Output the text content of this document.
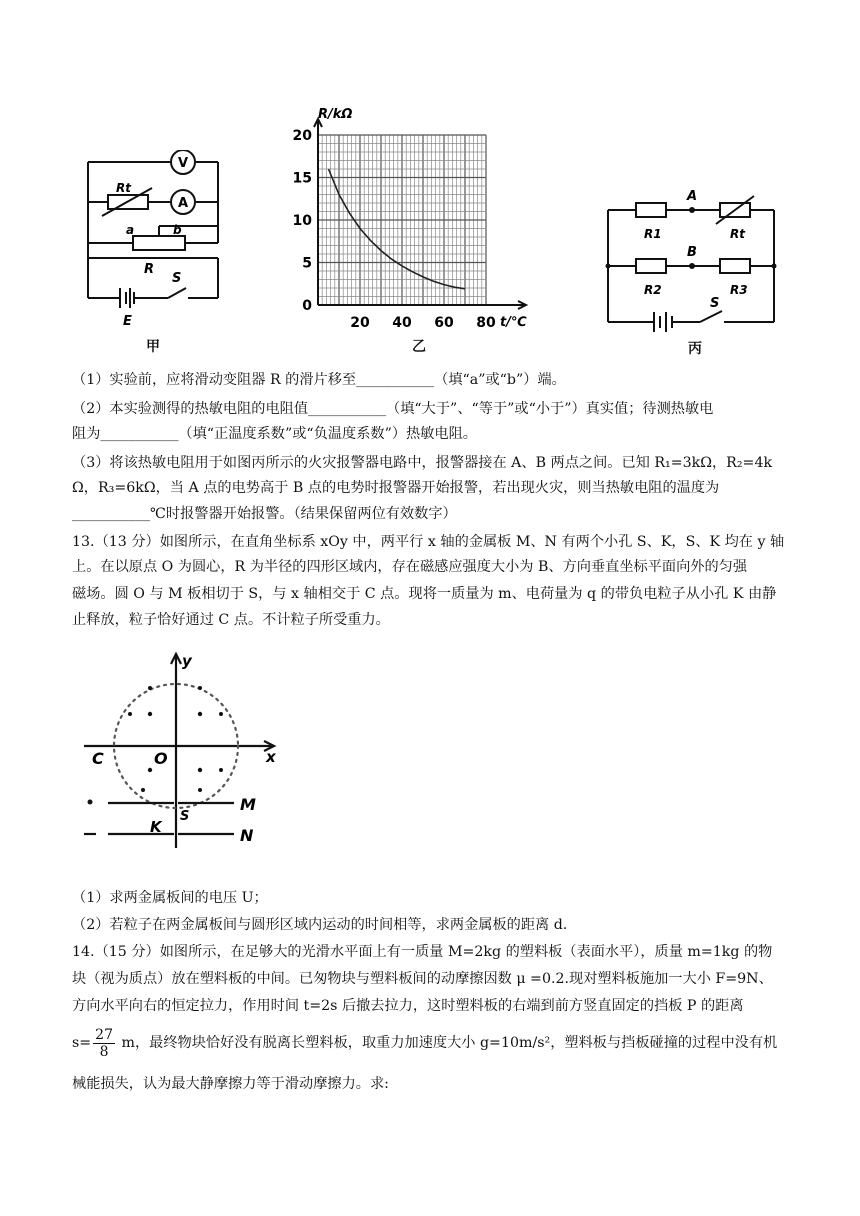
V
A
Rt
a	b
R
S
E
甲
0
5
10
15
20
20 40 60 80
R/kΩ
t/℃
乙
A
B
R1	Rt
R2	R3
S
丙
（1）实验前，应将滑动变阻器 R 的滑片移至___________（填“a”或“b”）端。
（2）本实验测得的热敏电阻的电阻值___________（填“大于”、“等于”或“小于”）真实值；待测热敏电
阻为___________（填“正温度系数”或“负温度系数”）热敏电阻。
（3）将该热敏电阻用于如图丙所示的火灾报警器电路中，报警器接在 A、B 两点之间。已知 R₁=3kΩ，R₂=4k
Ω，R₃=6kΩ，当 A 点的电势高于 B 点的电势时报警器开始报警，若出现火灾，则当热敏电阻的温度为
___________℃时报警器开始报警。（结果保留两位有效数字）
13.（13 分）如图所示，在直角坐标系 xOy 中，两平行 x 轴的金属板 M、N 有两个小孔 S、K，S、K 均在 y 轴
上。在以原点 O 为圆心，R 为半径的四形区域内，存在磁感应强度大小为 B、方向垂直坐标平面向外的匀强
磁场。圆 O 与 M 板相切于 S，与 x 轴相交于 C 点。现将一质量为 m、电荷量为 q 的带负电粒子从小孔 K 由静
止释放，粒子恰好通过 C 点。不计粒子所受重力。
y
x
C	O
M
N
S
K
（1）求两金属板间的电压 U；
（2）若粒子在两金属板间与圆形区域内运动的时间相等，求两金属板的距离 d.
14.（15 分）如图所示，在足够大的光滑水平面上有一质量 M=2kg 的塑料板（表面水平），质量 m=1kg 的物
块（视为质点）放在塑料板的中间。已匆物块与塑料板间的动摩擦因数 μ =0.2.现对塑料板施加一大小 F=9N、
方向水平向右的恒定拉力，作用时间 t=2s 后撤去拉力，这时塑料板的右端到前方竖直固定的挡板 P 的距离
$s= \frac{27}{8}$ m，最终物块恰好没有脱离长塑料板，取重力加速度大小 g=10m/s²，塑料板与挡板碰撞的过程中没有机
械能损失，认为最大静摩擦力等于滑动摩擦力。求:
